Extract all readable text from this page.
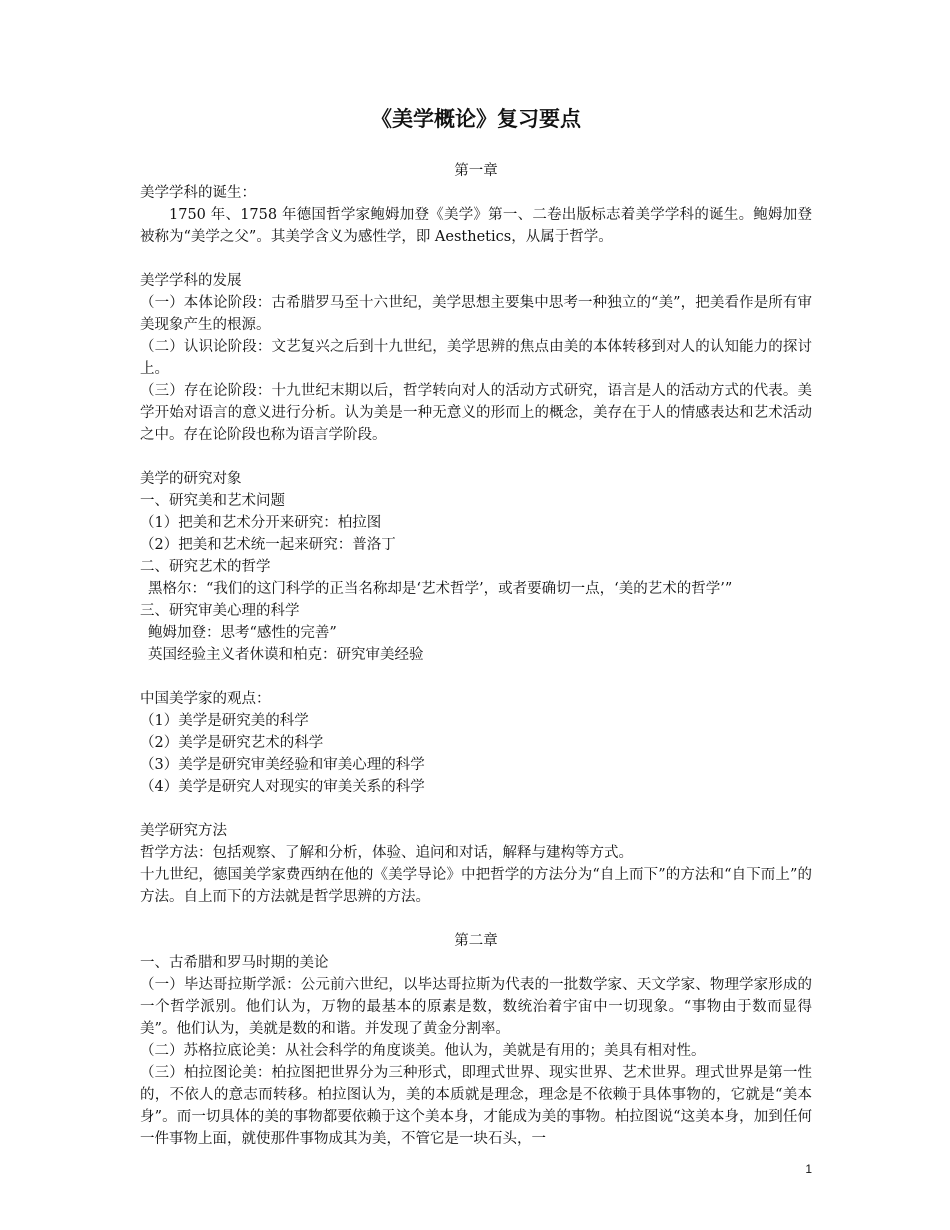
《美学概论》复习要点

第一章

美学学科的诞生：

1750 年、1758 年德国哲学家鲍姆加登《美学》第一、二卷出版标志着美学学科的诞生。鲍姆加登被称为“美学之父”。其美学含义为感性学，即 Aesthetics，从属于哲学。

美学学科的发展

（一）本体论阶段：古希腊罗马至十六世纪，美学思想主要集中思考一种独立的“美”，把美看作是所有审美现象产生的根源。

（二）认识论阶段：文艺复兴之后到十九世纪，美学思辨的焦点由美的本体转移到对人的认知能力的探讨上。

（三）存在论阶段：十九世纪末期以后，哲学转向对人的活动方式研究，语言是人的活动方式的代表。美学开始对语言的意义进行分析。认为美是一种无意义的形而上的概念，美存在于人的情感表达和艺术活动之中。存在论阶段也称为语言学阶段。

美学的研究对象

一、研究美和艺术问题

（1）把美和艺术分开来研究：柏拉图

（2）把美和艺术统一起来研究：普洛丁

二、研究艺术的哲学

黑格尔：“我们的这门科学的正当名称却是‘艺术哲学’，或者要确切一点，‘美的艺术的哲学’”

三、研究审美心理的科学

鲍姆加登：思考“感性的完善”

英国经验主义者休谟和柏克：研究审美经验

中国美学家的观点：

（1）美学是研究美的科学

（2）美学是研究艺术的科学

（3）美学是研究审美经验和审美心理的科学

（4）美学是研究人对现实的审美关系的科学

美学研究方法

哲学方法：包括观察、了解和分析，体验、追问和对话，解释与建构等方式。

十九世纪，德国美学家费西纳在他的《美学导论》中把哲学的方法分为“自上而下”的方法和“自下而上”的方法。自上而下的方法就是哲学思辨的方法。

第二章

一、古希腊和罗马时期的美论

（一）毕达哥拉斯学派：公元前六世纪，以毕达哥拉斯为代表的一批数学家、天文学家、物理学家形成的一个哲学派别。他们认为，万物的最基本的原素是数，数统治着宇宙中一切现象。“事物由于数而显得美”。他们认为，美就是数的和谐。并发现了黄金分割率。

（二）苏格拉底论美：从社会科学的角度谈美。他认为，美就是有用的；美具有相对性。

（三）柏拉图论美：柏拉图把世界分为三种形式，即理式世界、现实世界、艺术世界。理式世界是第一性的，不依人的意志而转移。柏拉图认为，美的本质就是理念，理念是不依赖于具体事物的，它就是“美本身”。而一切具体的美的事物都要依赖于这个美本身，才能成为美的事物。柏拉图说“这美本身，加到任何一件事物上面，就使那件事物成其为美，不管它是一块石头，一

1
